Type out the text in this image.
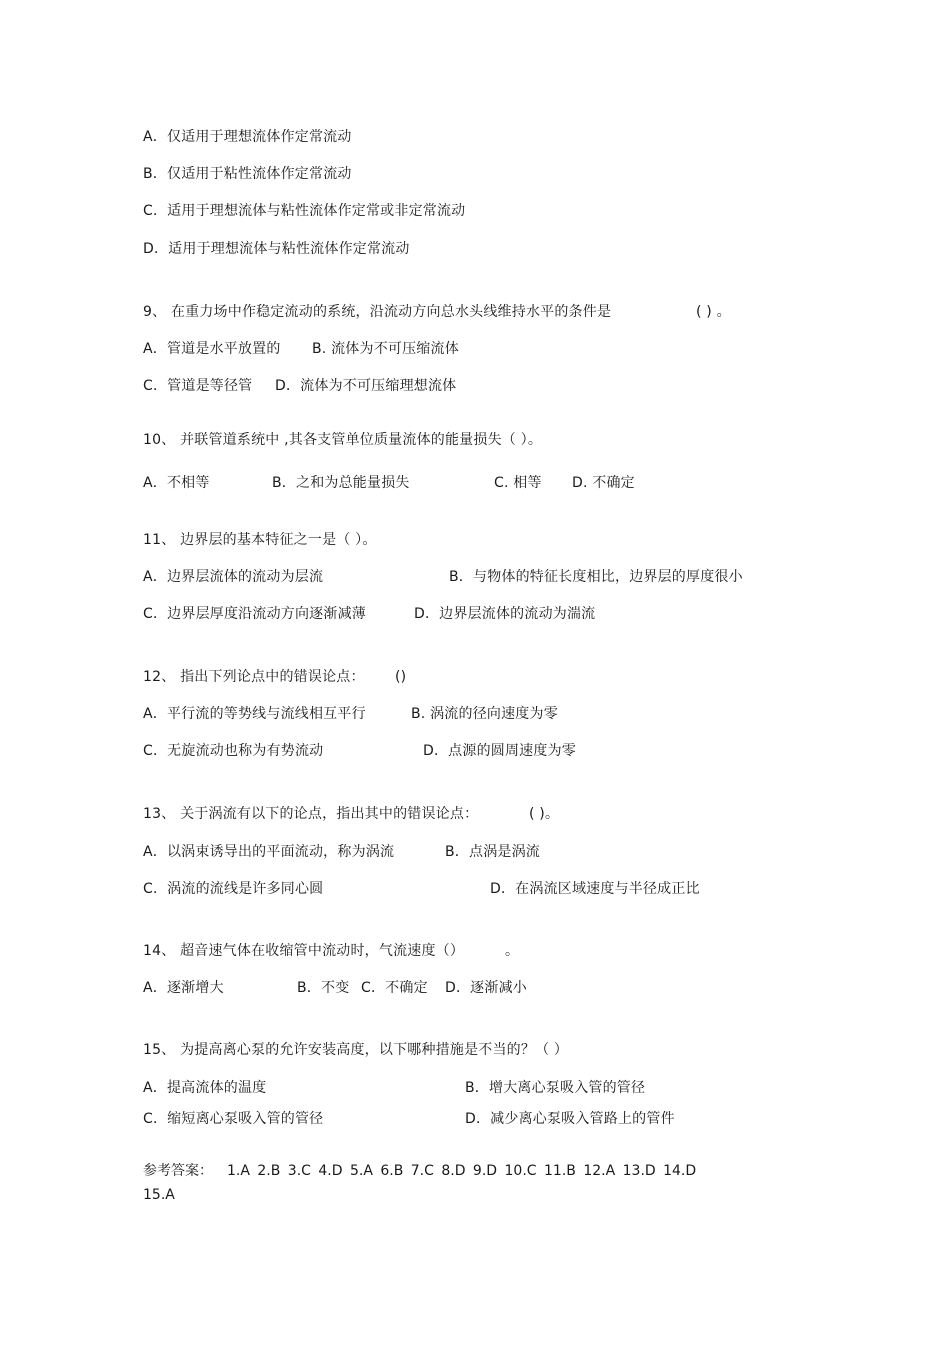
A．仅适用于理想流体作定常流动
B．仅适用于粘性流体作定常流动
C．适用于理想流体与粘性流体作定常或非定常流动
D．适用于理想流体与粘性流体作定常流动
9、 在重力场中作稳定流动的系统，沿流动方向总水头线维持水平的条件是	( ) 。
A．管道是水平放置的 B. 流体为不可压缩流体
C．管道是等径管 D．流体为不可压缩理想流体
10、 并联管道系统中 ,其各支管单位质量流体的能量损失（ ）。
A．不相等	B．之和为总能量损失	C. 相等 D. 不确定
11、 边界层的基本特征之一是（ ）。
A．边界层流体的流动为层流	B．与物体的特征长度相比，边界层的厚度很小
C．边界层厚度沿流动方向逐渐减薄	D．边界层流体的流动为湍流
12、 指出下列论点中的错误论点： ()
A．平行流的等势线与流线相互平行	B. 涡流的径向速度为零
C．无旋流动也称为有势流动	D．点源的圆周速度为零
13、 关于涡流有以下的论点，指出其中的错误论点：	( )。
A．以涡束诱导出的平面流动，称为涡流	B．点涡是涡流
C．涡流的流线是许多同心圆	D．在涡流区域速度与半径成正比
14、 超音速气体在收缩管中流动时，气流速度（）	。
A．逐渐增大	B．不变 C．不确定 D．逐渐减小
15、 为提高离心泵的允许安装高度，以下哪种措施是不当的？（ ）
A．提高流体的温度	B．增大离心泵吸入管的管径
C．缩短离心泵吸入管的管径	D．减少离心泵吸入管路上的管件
参考答案： 1.A 2.B 3.C 4.D 5.A 6.B 7.C 8.D 9.D 10.C 11.B 12.A 13.D 14.D 15.A
